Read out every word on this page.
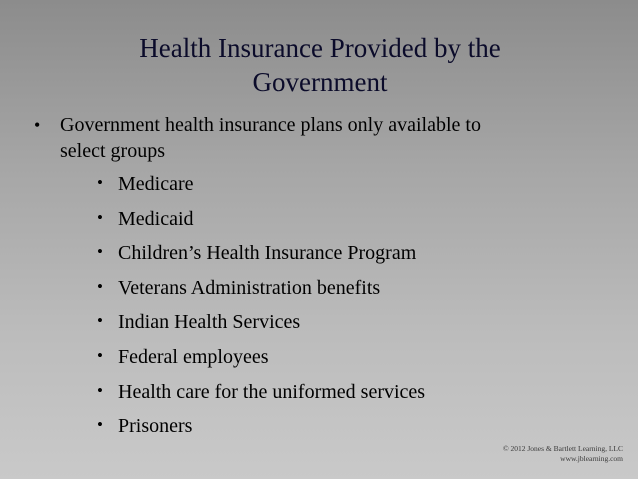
Health Insurance Provided by the
Government
• Government health insurance plans only available to
select groups
• Medicare
• Medicaid
• Children’s Health Insurance Program
• Veterans Administration benefits
• Indian Health Services
• Federal employees
• Health care for the uniformed services
• Prisoners
© 2012 Jones & Bartlett Learning, LLC
www.jblearning.com
